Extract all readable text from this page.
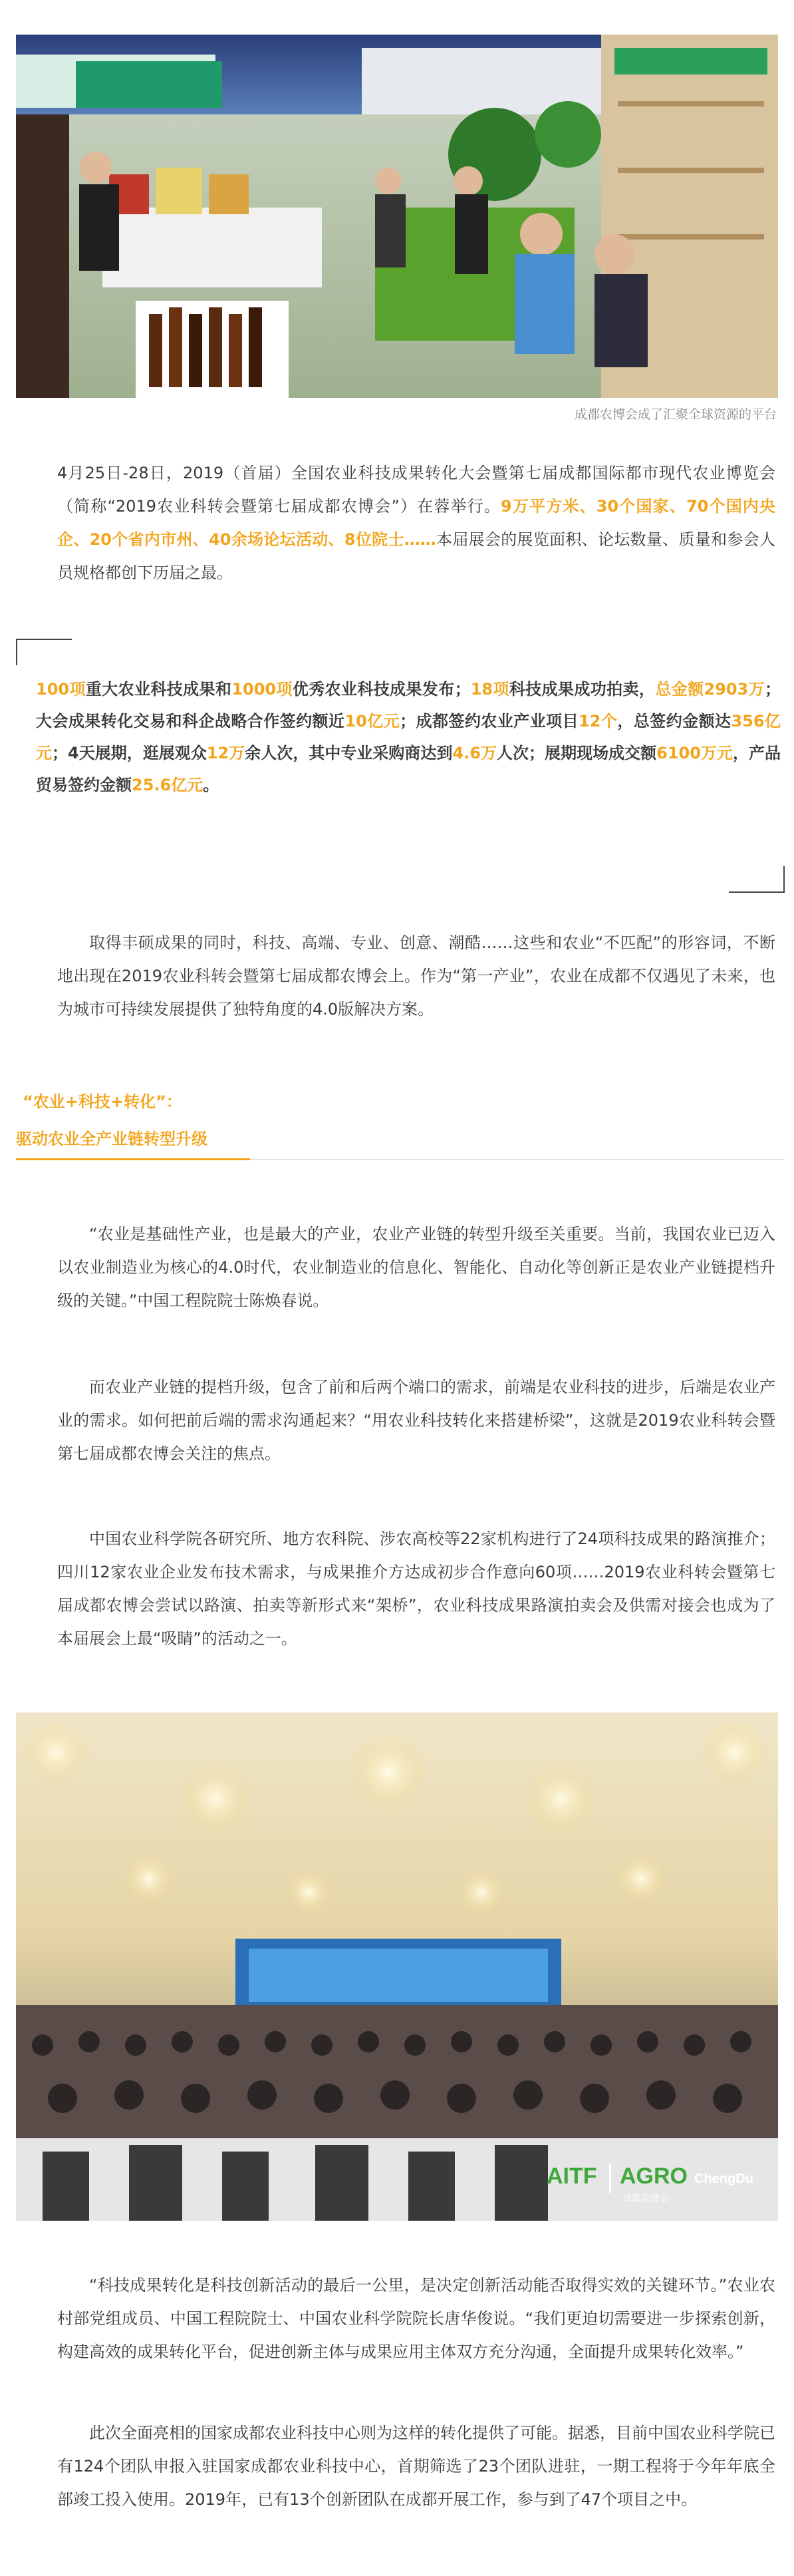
成都农博会成了汇聚全球资源的平台

4月25日-28日，2019（首届）全国农业科技成果转化大会暨第七届成都国际都市现代农业博览会（简称“2019农业科转会暨第七届成都农博会”）在蓉举行。9万平方米、30个国家、70个国内央企、20个省内市州、40余场论坛活动、8位院士……本届展会的展览面积、论坛数量、质量和参会人员规格都创下历届之最。

100项重大农业科技成果和1000项优秀农业科技成果发布；18项科技成果成功拍卖，总金额2903万；大会成果转化交易和科企战略合作签约额近10亿元；成都签约农业产业项目12个，总签约金额达356亿元；4天展期，逛展观众12万余人次，其中专业采购商达到4.6万人次；展期现场成交额6100万元，产品贸易签约金额25.6亿元。

取得丰硕成果的同时，科技、高端、专业、创意、潮酷……这些和农业“不匹配”的形容词，不断地出现在2019农业科转会暨第七届成都农博会上。作为“第一产业”，农业在成都不仅遇见了未来，也为城市可持续发展提供了独特角度的4.0版解决方案。

“农业+科技+转化”：
驱动农业全产业链转型升级

“农业是基础性产业，也是最大的产业，农业产业链的转型升级至关重要。当前，我国农业已迈入以农业制造业为核心的4.0时代，农业制造业的信息化、智能化、自动化等创新正是农业产业链提档升级的关键。”中国工程院院士陈焕春说。

而农业产业链的提档升级，包含了前和后两个端口的需求，前端是农业科技的进步，后端是农业产业的需求。如何把前后端的需求沟通起来？“用农业科技转化来搭建桥梁”，这就是2019农业科转会暨第七届成都农博会关注的焦点。

中国农业科学院各研究所、地方农科院、涉农高校等22家机构进行了24项科技成果的路演推介；四川12家农业企业发布技术需求，与成果推介方达成初步合作意向60项……2019农业科转会暨第七届成都农博会尝试以路演、拍卖等新形式来“架桥”，农业科技成果路演拍卖会及供需对接会也成为了本届展会上最“吸睛”的活动之一。

AITF AGRO ChengDu
成都农博会

“科技成果转化是科技创新活动的最后一公里，是决定创新活动能否取得实效的关键环节。”农业农村部党组成员、中国工程院院士、中国农业科学院院长唐华俊说。“我们更迫切需要进一步探索创新，构建高效的成果转化平台，促进创新主体与成果应用主体双方充分沟通，全面提升成果转化效率。”

此次全面亮相的国家成都农业科技中心则为这样的转化提供了可能。据悉，目前中国农业科学院已有124个团队申报入驻国家成都农业科技中心，首期筛选了23个团队进驻，一期工程将于今年年底全部竣工投入使用。2019年，已有13个创新团队在成都开展工作，参与到了47个项目之中。
